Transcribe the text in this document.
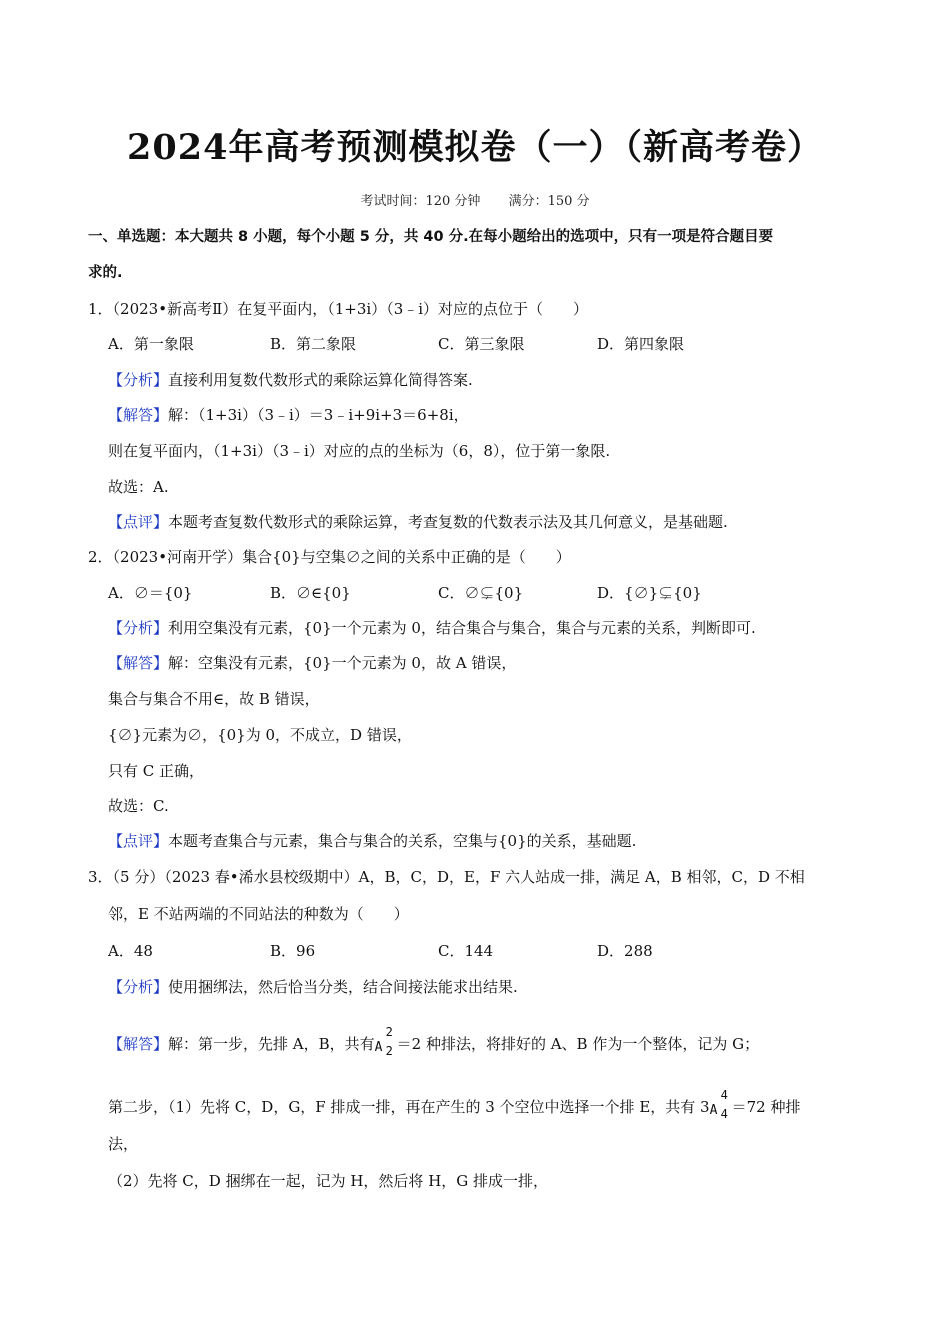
2024年高考预测模拟卷（一）（新高考卷）
考试时间：120 分钟 满分：150 分
一、单选题：本大题共 8 小题，每个小题 5 分，共 40 分.在每小题给出的选项中，只有一项是符合题目要
求的.
1．（2023•新高考Ⅱ）在复平面内，（1+3i）（3﹣i）对应的点位于（　　）
A．第一象限	B．第二象限	C．第三象限	D．第四象限
【分析】直接利用复数代数形式的乘除运算化简得答案.
【解答】解：（1+3i）（3﹣i）＝3﹣i+9i+3＝6+8i，
则在复平面内，（1+3i）（3﹣i）对应的点的坐标为（6，8），位于第一象限.
故选：A.
【点评】本题考查复数代数形式的乘除运算，考查复数的代数表示法及其几何意义，是基础题.
2．（2023•河南开学）集合{0}与空集∅之间的关系中正确的是（　　）
A．∅＝{0}	B．∅∈{0}	C．∅⊊{0}	D．{∅}⊊{0}
【分析】利用空集没有元素，{0}一个元素为 0，结合集合与集合，集合与元素的关系，判断即可.
【解答】解：空集没有元素，{0}一个元素为 0，故 A 错误，
集合与集合不用∈，故 B 错误，
{∅}元素为∅，{0}为 0，不成立，D 错误，
只有 C 正确，
故选：C.
【点评】本题考查集合与元素，集合与集合的关系，空集与{0}的关系，基础题.
3．（5 分）（2023 春•浠水县校级期中）A，B，C，D，E，F 六人站成一排，满足 A，B 相邻，C，D 不相
邻，E 不站两端的不同站法的种数为（　　）
A．48	B．96	C．144	D．288
【分析】使用捆绑法，然后恰当分类，结合间接法能求出结果.
【解答】解：第一步，先排 A，B，共有 A
2
2 ＝2 种排法，将排好的 A、B 作为一个整体，记为 G；
第二步，（1）先将 C，D，G，F 排成一排，再在产生的 3 个空位中选择一个排 E，共有 3 A
4
4 ＝72 种排
法，
（2）先将 C，D 捆绑在一起，记为 H，然后将 H，G 排成一排，
